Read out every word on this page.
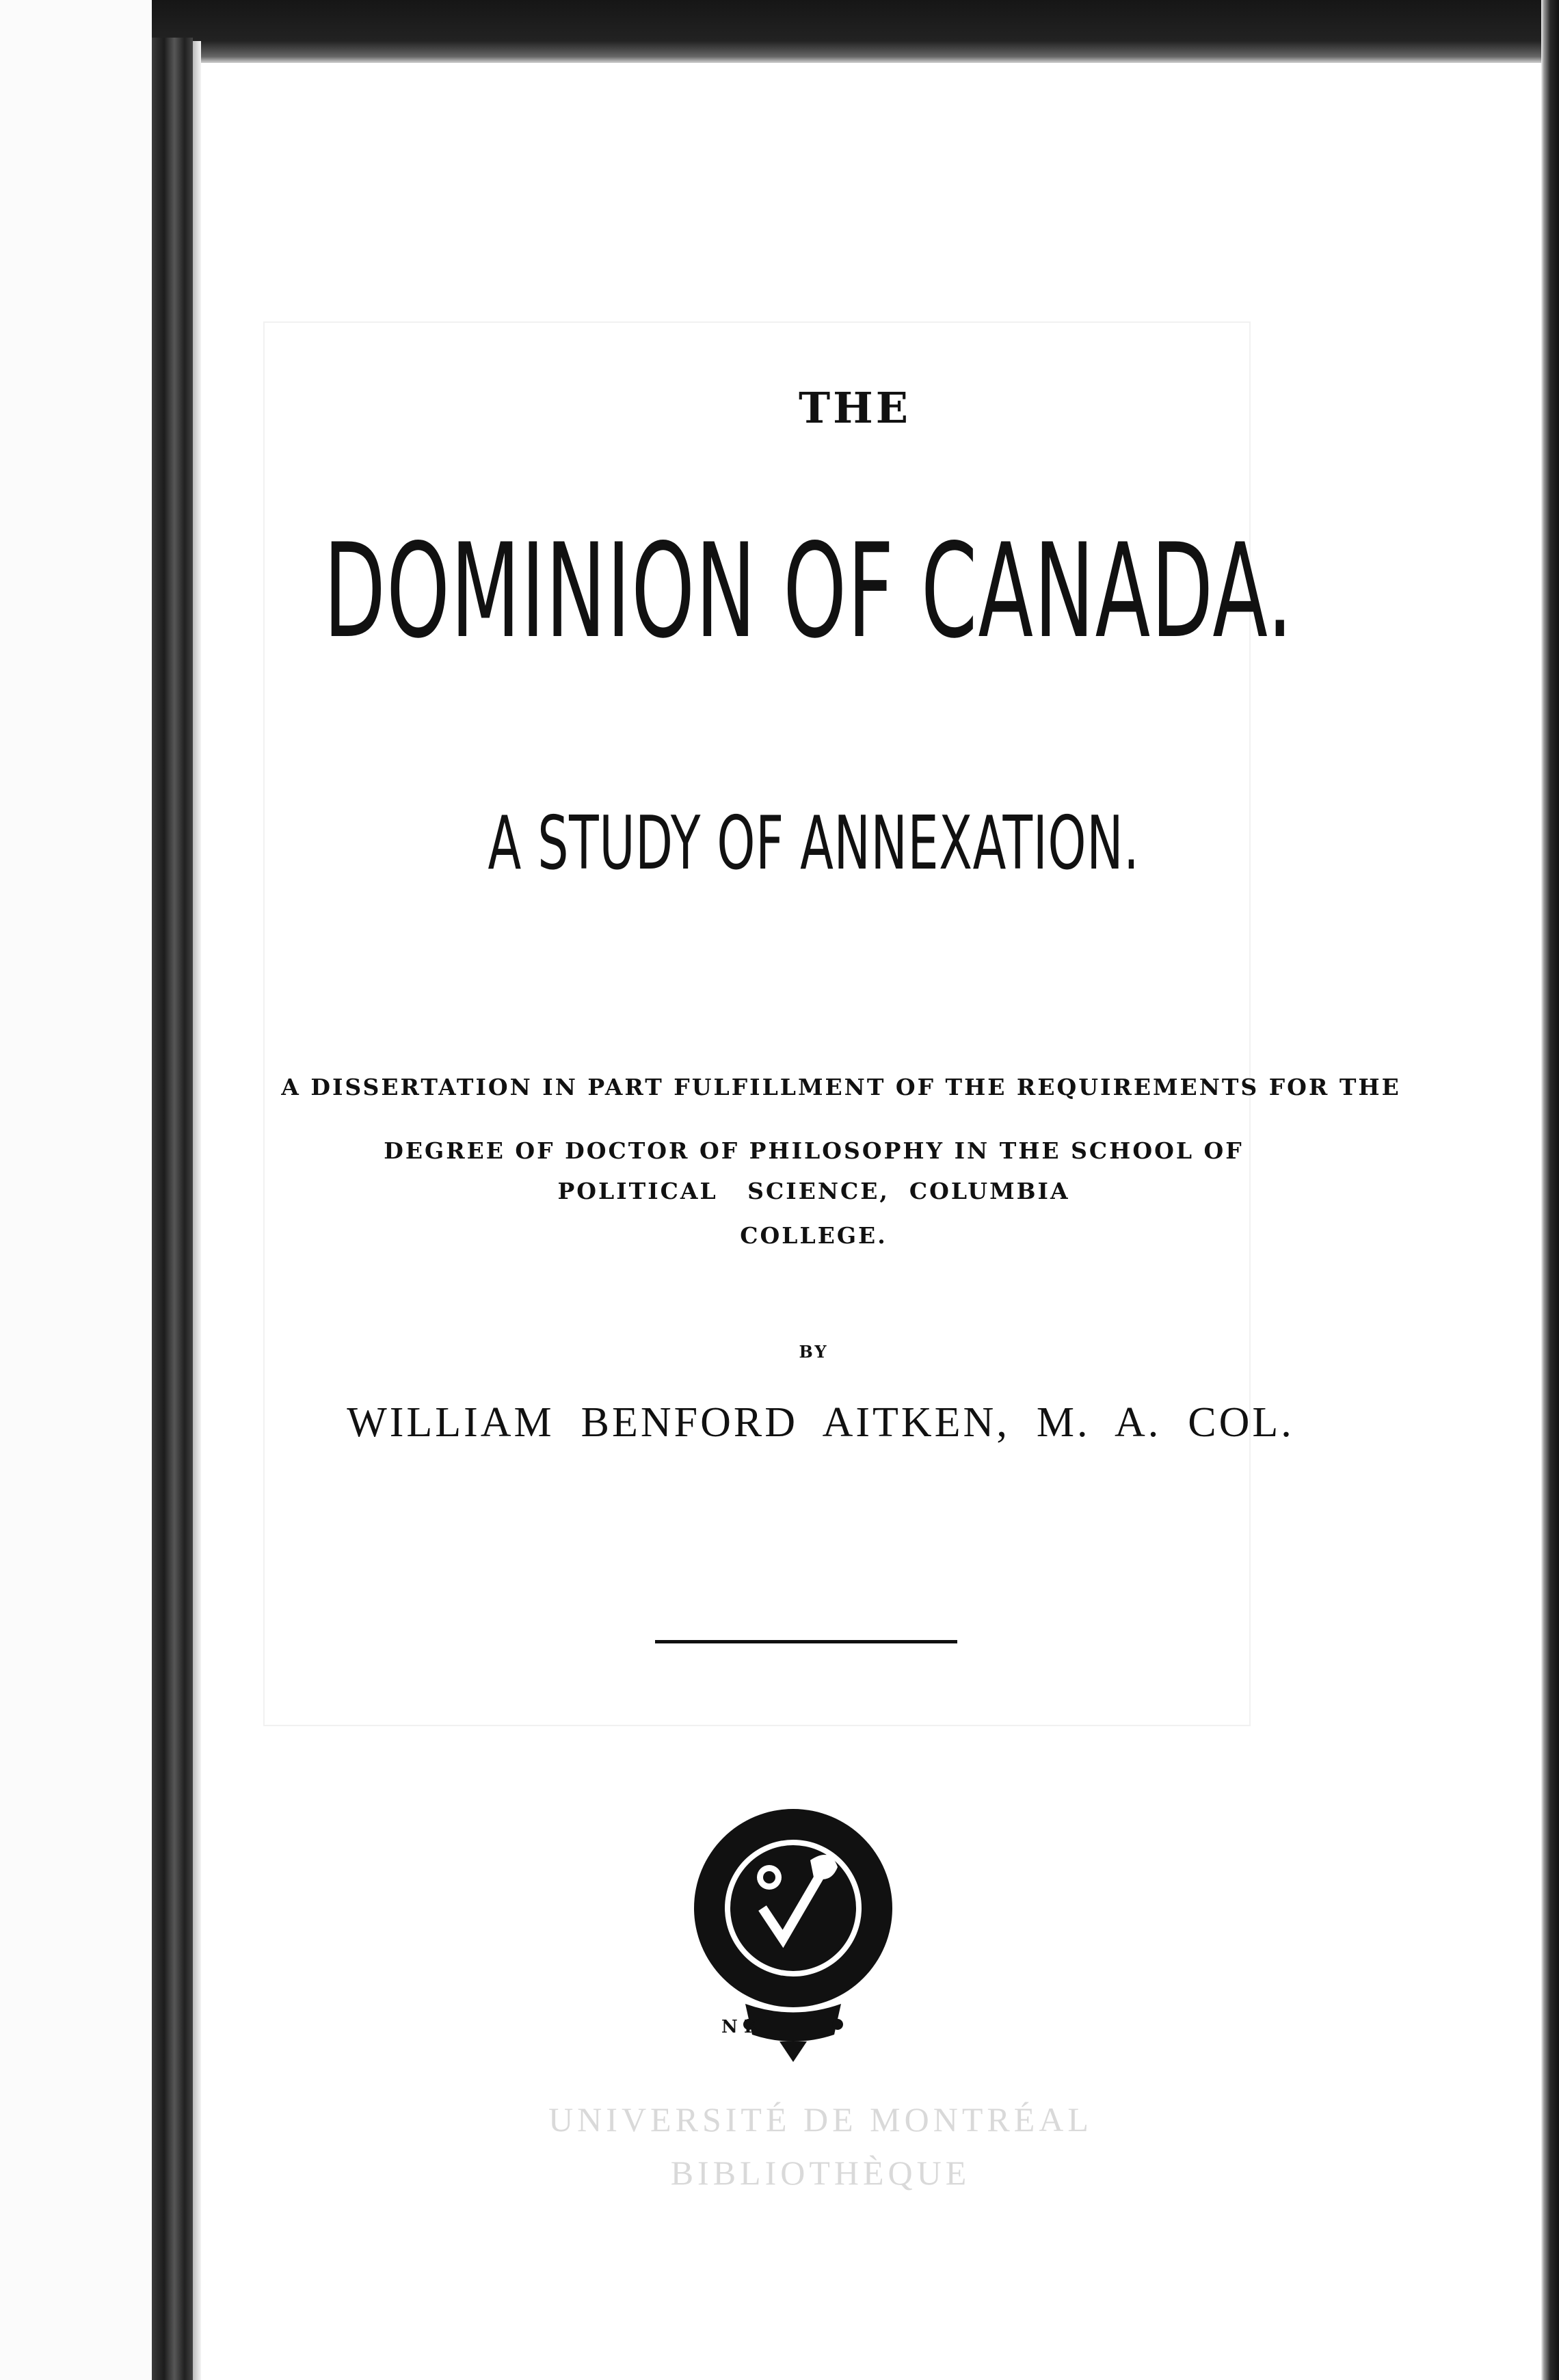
THE
DOMINION OF CANADA.
A STUDY OF ANNEXATION.
A DISSERTATION IN PART FULFILLMENT OF THE REQUIREMENTS FOR THE
DEGREE OF DOCTOR OF PHILOSOPHY IN THE SCHOOL OF
POLITICAL   SCIENCE,  COLUMBIA
COLLEGE.
BY
WILLIAM  BENFORD  AITKEN,  M.  A.  COL.
N K
UNIVERSITÉ DE MONTRÉAL
BIBLIOTHÈQUE
